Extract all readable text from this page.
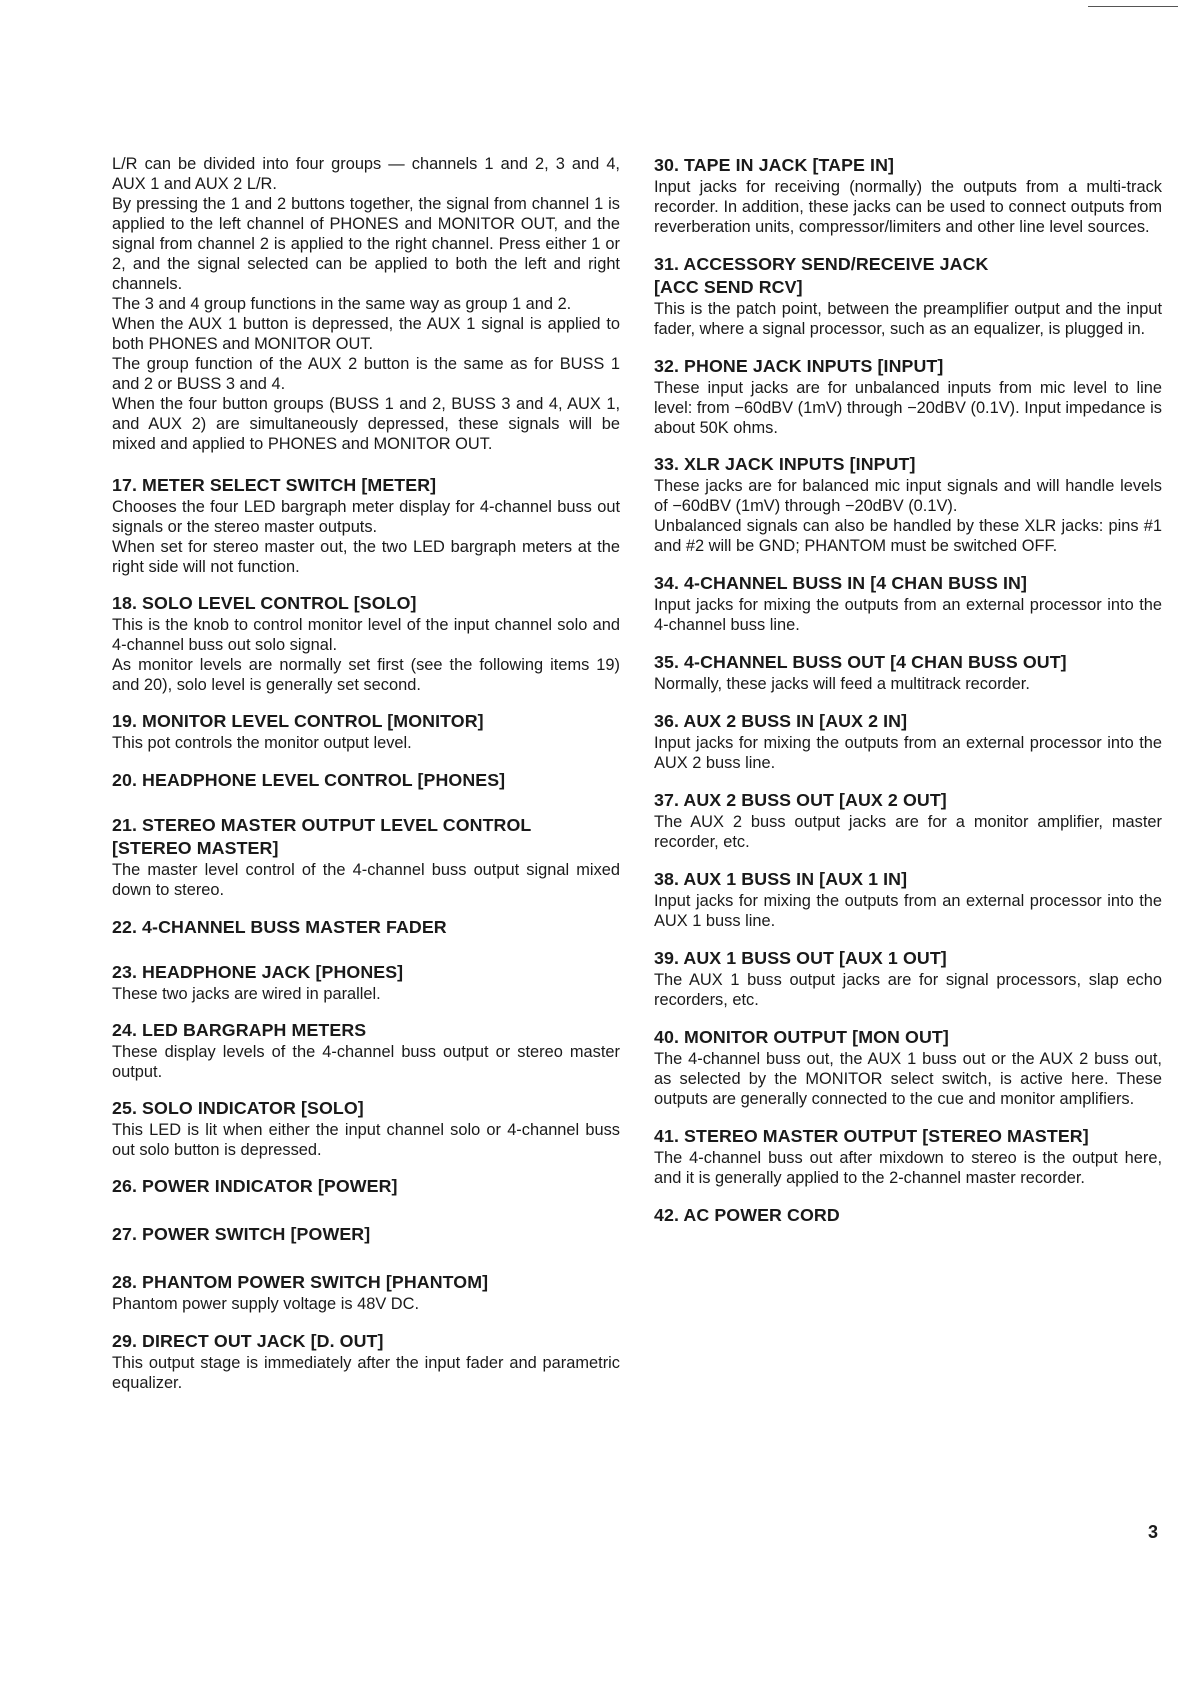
L/R can be divided into four groups — channels 1 and 2, 3 and 4, AUX 1 and AUX 2 L/R.

By pressing the 1 and 2 buttons together, the signal from channel 1 is applied to the left channel of PHONES and MONITOR OUT, and the signal from channel 2 is applied to the right channel. Press either 1 or 2, and the signal selected can be applied to both the left and right channels.

The 3 and 4 group functions in the same way as group 1 and 2.

When the AUX 1 button is depressed, the AUX 1 signal is applied to both PHONES and MONITOR OUT.

The group function of the AUX 2 button is the same as for BUSS 1 and 2 or BUSS 3 and 4.

When the four button groups (BUSS 1 and 2, BUSS 3 and 4, AUX 1, and AUX 2) are simultaneously depressed, these signals will be mixed and applied to PHONES and MONITOR OUT.

17. METER SELECT SWITCH [METER]

Chooses the four LED bargraph meter display for 4-channel buss out signals or the stereo master outputs.

When set for stereo master out, the two LED bargraph meters at the right side will not function.

18. SOLO LEVEL CONTROL [SOLO]

This is the knob to control monitor level of the input channel solo and 4-channel buss out solo signal.

As monitor levels are normally set first (see the following items 19) and 20), solo level is generally set second.

19. MONITOR LEVEL CONTROL [MONITOR]

This pot controls the monitor output level.

20. HEADPHONE LEVEL CONTROL [PHONES]
21. STEREO MASTER OUTPUT LEVEL CONTROL
[STEREO MASTER]

The master level control of the 4-channel buss output signal mixed down to stereo.

22. 4-CHANNEL BUSS MASTER FADER
23. HEADPHONE JACK [PHONES]

These two jacks are wired in parallel.

24. LED BARGRAPH METERS

These display levels of the 4-channel buss output or stereo master output.

25. SOLO INDICATOR [SOLO]

This LED is lit when either the input channel solo or 4-channel buss out solo button is depressed.

26. POWER INDICATOR [POWER]
27. POWER SWITCH [POWER]
28. PHANTOM POWER SWITCH [PHANTOM]

Phantom power supply voltage is 48V DC.

29. DIRECT OUT JACK [D. OUT]

This output stage is immediately after the input fader and parametric equalizer.

30. TAPE IN JACK [TAPE IN]

Input jacks for receiving (normally) the outputs from a multi-track recorder. In addition, these jacks can be used to connect outputs from reverberation units, compressor/limiters and other line level sources.

31. ACCESSORY SEND/RECEIVE JACK
[ACC SEND RCV]

This is the patch point, between the preamplifier output and the input fader, where a signal processor, such as an equalizer, is plugged in.

32. PHONE JACK INPUTS [INPUT]

These input jacks are for unbalanced inputs from mic level to line level: from −60dBV (1mV) through −20dBV (0.1V). Input impedance is about 50K ohms.

33. XLR JACK INPUTS [INPUT]

These jacks are for balanced mic input signals and will handle levels of −60dBV (1mV) through −20dBV (0.1V).

Unbalanced signals can also be handled by these XLR jacks: pins #1 and #2 will be GND; PHANTOM must be switched OFF.

34. 4-CHANNEL BUSS IN [4 CHAN BUSS IN]

Input jacks for mixing the outputs from an external processor into the 4-channel buss line.

35. 4-CHANNEL BUSS OUT [4 CHAN BUSS OUT]

Normally, these jacks will feed a multitrack recorder.

36. AUX 2 BUSS IN [AUX 2 IN]

Input jacks for mixing the outputs from an external processor into the AUX 2 buss line.

37. AUX 2 BUSS OUT [AUX 2 OUT]

The AUX 2 buss output jacks are for a monitor amplifier, master recorder, etc.

38. AUX 1 BUSS IN [AUX 1 IN]

Input jacks for mixing the outputs from an external processor into the AUX 1 buss line.

39. AUX 1 BUSS OUT [AUX 1 OUT]

The AUX 1 buss output jacks are for signal processors, slap echo recorders, etc.

40. MONITOR OUTPUT [MON OUT]

The 4-channel buss out, the AUX 1 buss out or the AUX 2 buss out, as selected by the MONITOR select switch, is active here. These outputs are generally connected to the cue and monitor amplifiers.

41. STEREO MASTER OUTPUT [STEREO MASTER]

The 4-channel buss out after mixdown to stereo is the output here, and it is generally applied to the 2-channel master recorder.

42. AC POWER CORD
3
